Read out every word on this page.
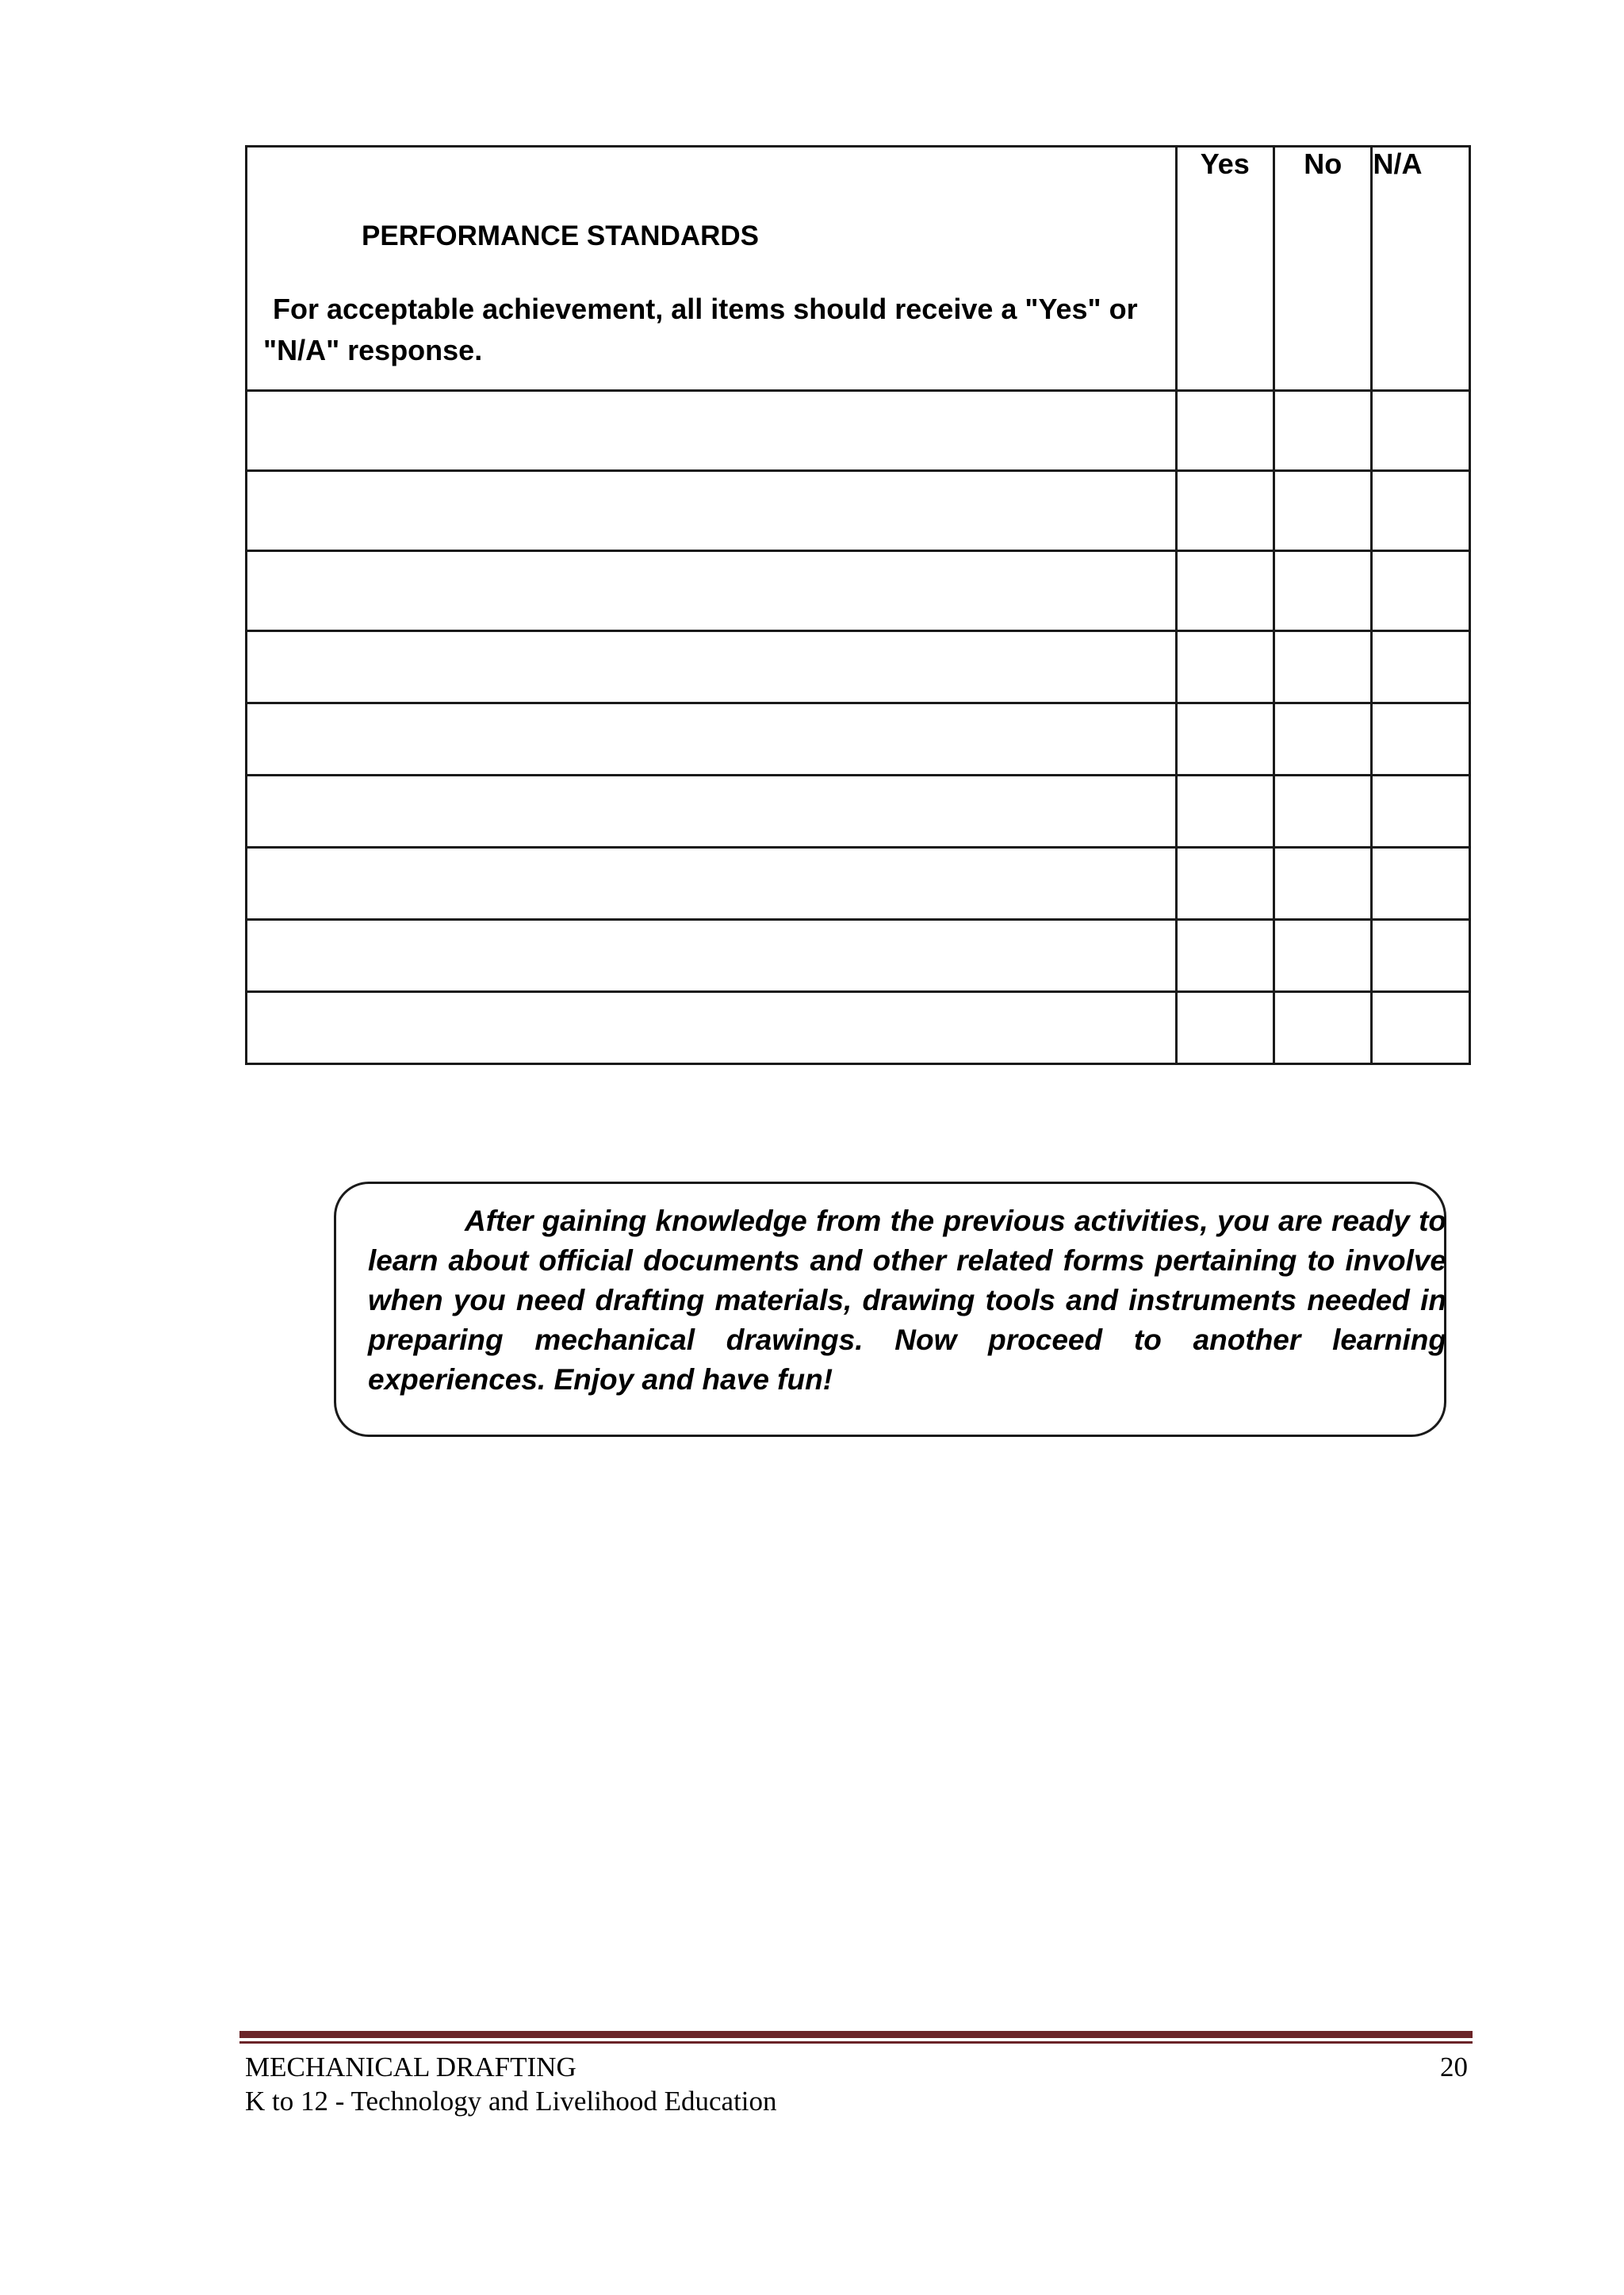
PERFORMANCE STANDARDS
For acceptable achievement, all items should receive a "Yes" or "N/A" response.	Yes	No	N/A

After gaining knowledge from the previous activities, you are ready to learn about official documents and other related forms pertaining to involve when you need drafting materials, drawing tools and instruments needed in preparing mechanical drawings. Now proceed to another learning experiences. Enjoy and have fun!
MECHANICAL DRAFTING
K to 12 - Technology and Livelihood Education
20
